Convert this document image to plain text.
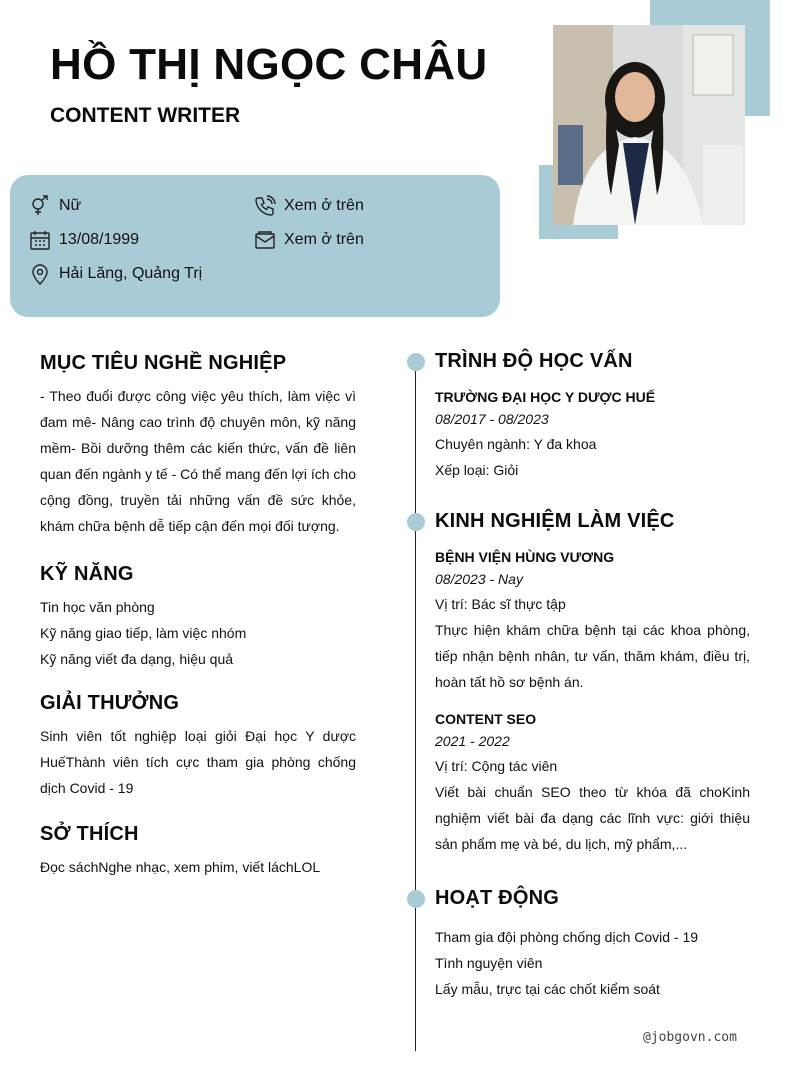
HỒ THỊ NGỌC CHÂU
CONTENT WRITER
Nữ
13/08/1999
Hải Lăng, Quảng Trị
Xem ở trên
Xem ở trên
MỤC TIÊU NGHỀ NGHIỆP
- Theo đuổi được công việc yêu thích, làm việc vì đam mê- Nâng cao trình độ chuyên môn, kỹ năng mềm- Bồi dưỡng thêm các kiến thức, vấn đề liên quan đến ngành y tế - Có thể mang đến lợi ích cho cộng đồng, truyền tải những vấn đề sức khỏe, khám chữa bệnh dễ tiếp cận đến mọi đối tượng.
KỸ NĂNG
Tin học văn phòng
Kỹ năng giao tiếp, làm việc nhóm
Kỹ năng viết đa dạng, hiệu quả
GIẢI THƯỞNG
Sinh viên tốt nghiệp loại giỏi Đại học Y dược HuếThành viên tích cực tham gia phòng chống dịch Covid - 19
SỞ THÍCH
Đọc sáchNghe nhạc, xem phim, viết láchLOL
TRÌNH ĐỘ HỌC VẤN
TRƯỜNG ĐẠI HỌC Y DƯỢC HUẾ
08/2017 - 08/2023
Chuyên ngành: Y đa khoa
Xếp loại: Giỏi
KINH NGHIỆM LÀM VIỆC
BỆNH VIỆN HÙNG VƯƠNG
08/2023 - Nay
Vị trí: Bác sĩ thực tập
Thực hiện khám chữa bệnh tại các khoa phòng, tiếp nhận bệnh nhân, tư vấn, thăm khám, điều trị, hoàn tất hồ sơ bệnh án.
CONTENT SEO
2021 - 2022
Vị trí: Cộng tác viên
Viết bài chuẩn SEO theo từ khóa đã choKinh nghiệm viết bài đa dạng các lĩnh vực: giới thiệu sản phẩm mẹ và bé, du lịch, mỹ phẩm,...
HOẠT ĐỘNG
Tham gia đội phòng chống dịch Covid - 19
Tình nguyện viên
Lấy mẫu, trực tại các chốt kiểm soát
@jobgovn.com
